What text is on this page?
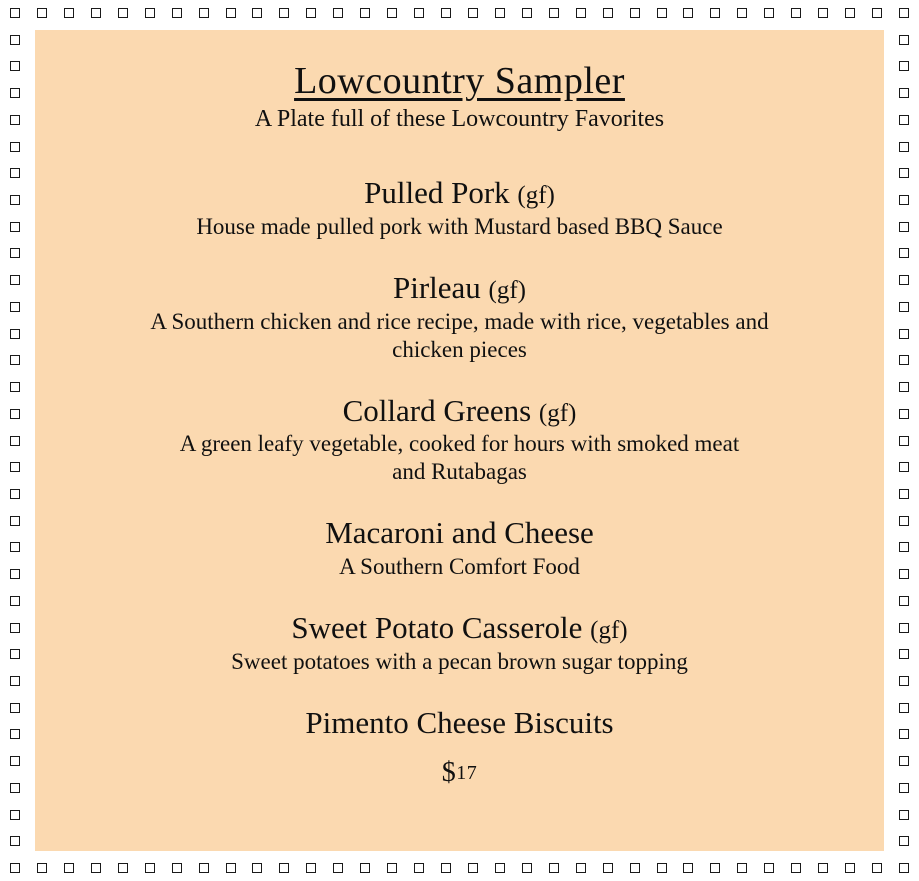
Lowcountry Sampler
A Plate full of these Lowcountry Favorites
Pulled Pork (gf)
House made pulled pork with Mustard based BBQ Sauce
Pirleau (gf)
A Southern chicken and rice recipe, made with rice, vegetables and chicken pieces
Collard Greens (gf)
A green leafy vegetable, cooked for hours with smoked meat and Rutabagas
Macaroni and Cheese
A Southern Comfort Food
Sweet Potato Casserole (gf)
Sweet potatoes with a pecan brown sugar topping
Pimento Cheese Biscuits
$17
